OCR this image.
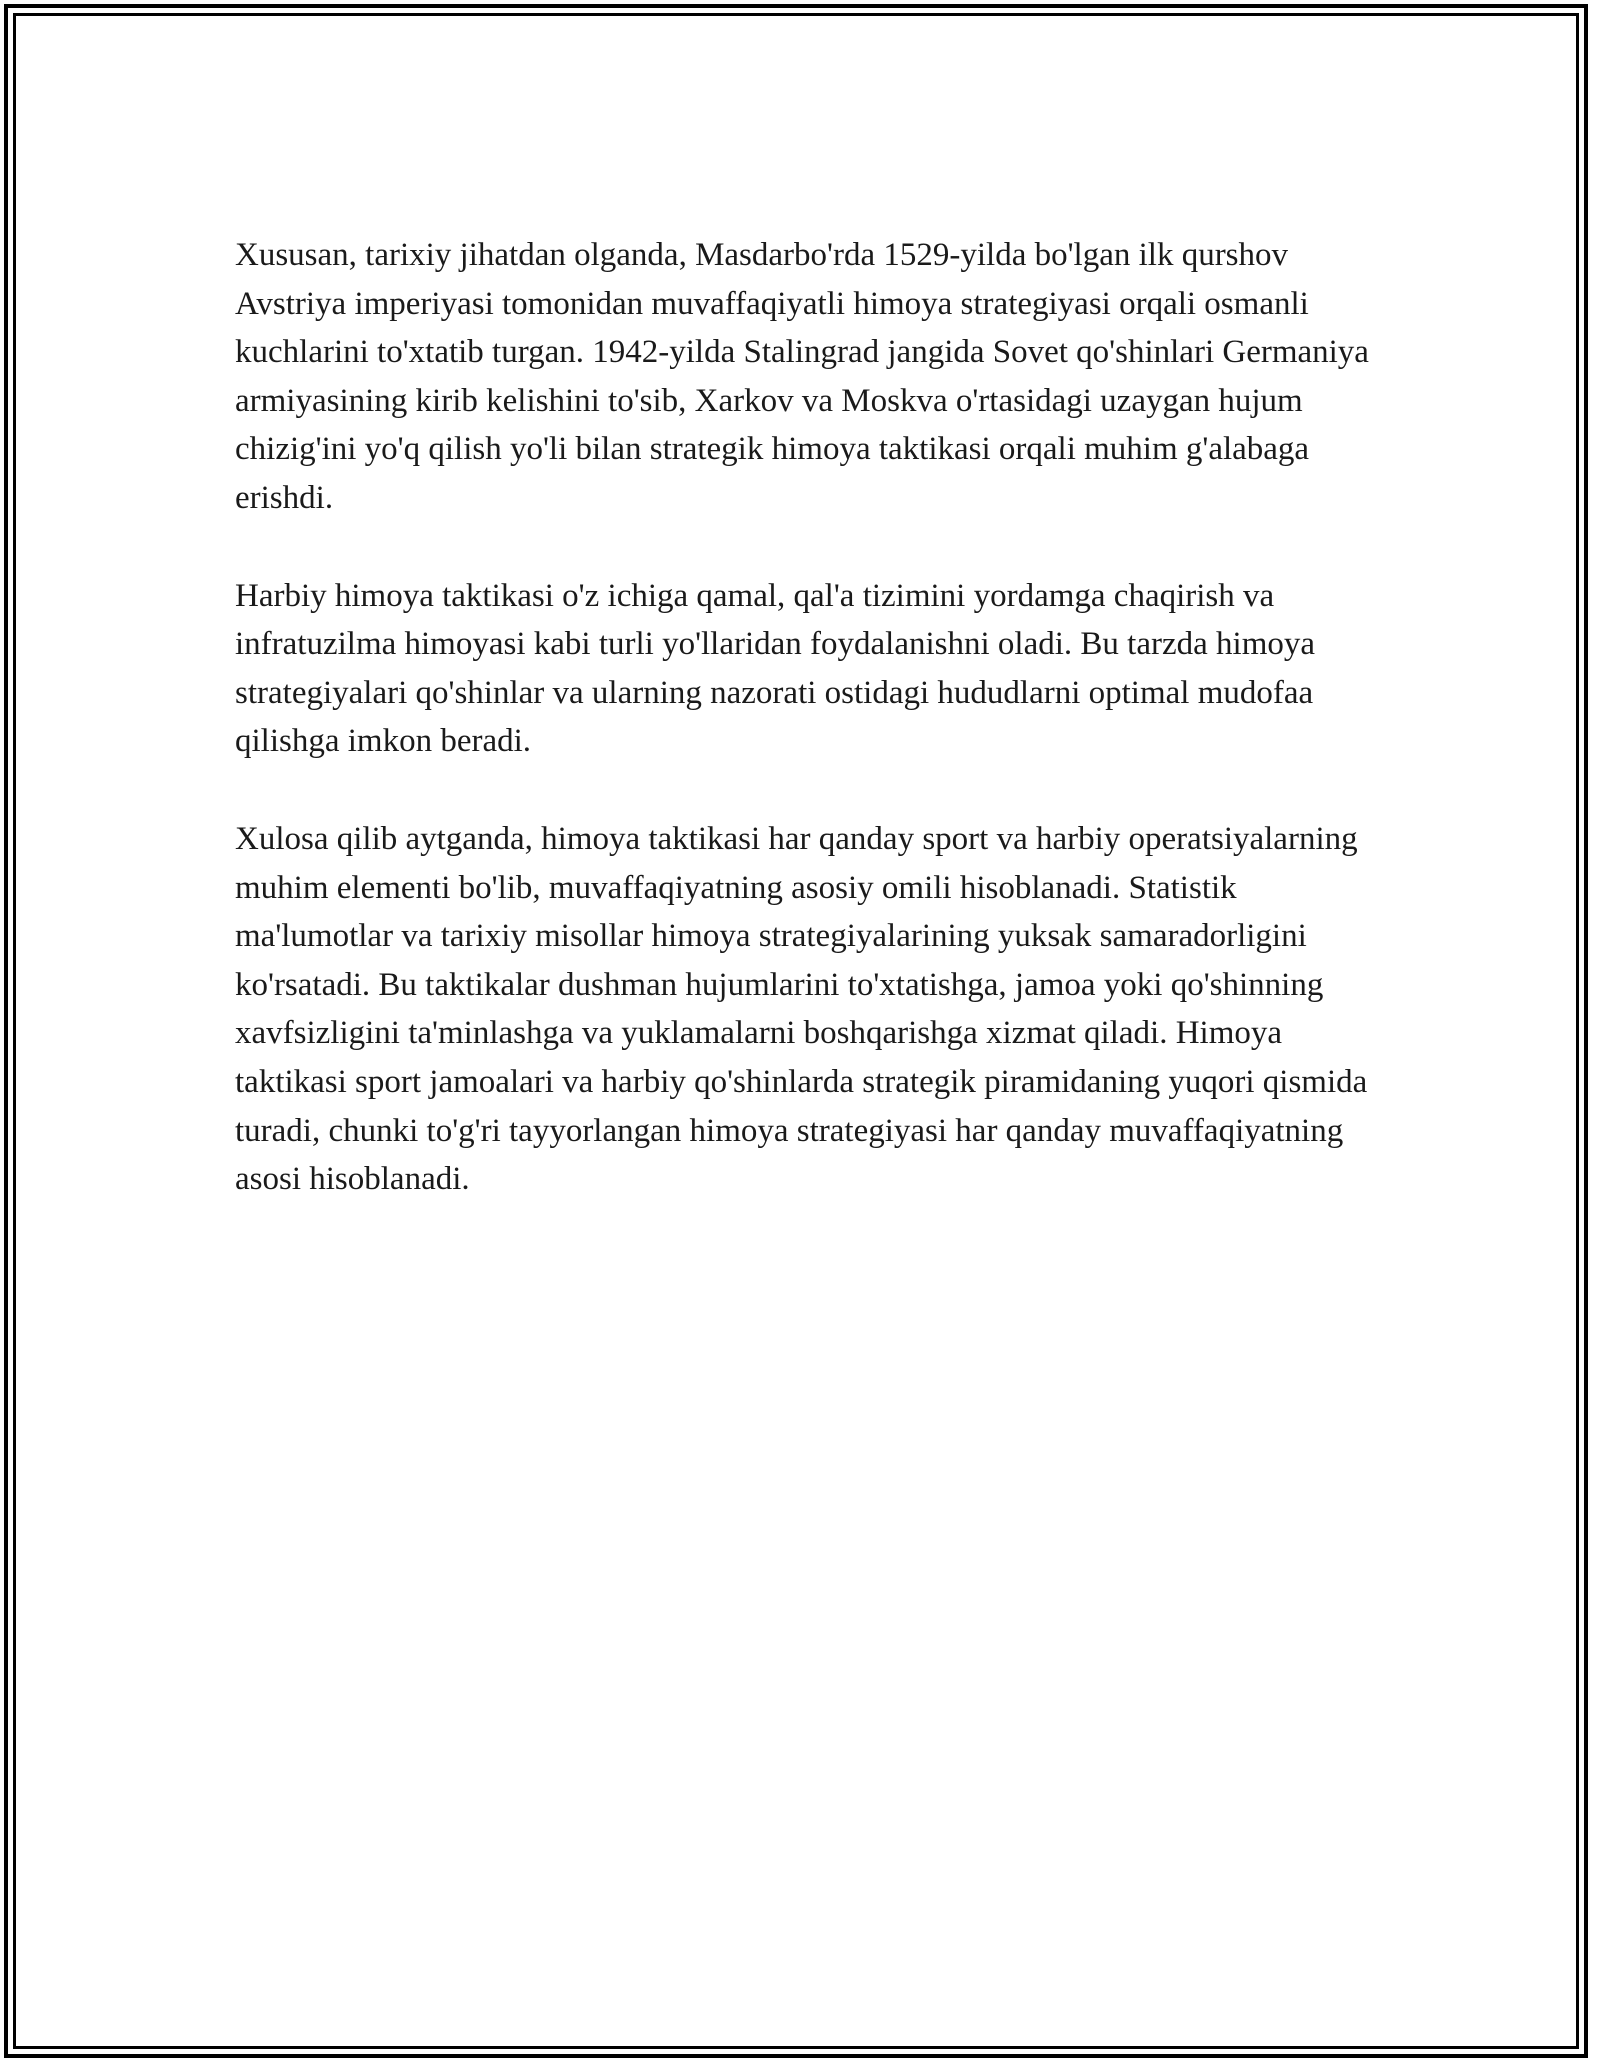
Xususan, tarixiy jihatdan olganda, Masdarbo'rda 1529-yilda bo'lgan ilk qurshov Avstriya imperiyasi tomonidan muvaffaqiyatli himoya strategiyasi orqali osmanli kuchlarini to'xtatib turgan. 1942-yilda Stalingrad jangida Sovet qo'shinlari Germaniya armiyasining kirib kelishini to'sib, Xarkov va Moskva o'rtasidagi uzaygan hujum chizig'ini yo'q qilish yo'li bilan strategik himoya taktikasi orqali muhim g'alabaga erishdi.

Harbiy himoya taktikasi o'z ichiga qamal, qal'a tizimini yordamga chaqirish va infratuzilma himoyasi kabi turli yo'llaridan foydalanishni oladi. Bu tarzda himoya strategiyalari qo'shinlar va ularning nazorati ostidagi hududlarni optimal mudofaa qilishga imkon beradi.

Xulosa qilib aytganda, himoya taktikasi har qanday sport va harbiy operatsiyalarning muhim elementi bo'lib, muvaffaqiyatning asosiy omili hisoblanadi. Statistik ma'lumotlar va tarixiy misollar himoya strategiyalarining yuksak samaradorligini ko'rsatadi. Bu taktikalar dushman hujumlarini to'xtatishga, jamoa yoki qo'shinning xavfsizligini ta'minlashga va yuklamalarni boshqarishga xizmat qiladi. Himoya taktikasi sport jamoalari va harbiy qo'shinlarda strategik piramidaning yuqori qismida turadi, chunki to'g'ri tayyorlangan himoya strategiyasi har qanday muvaffaqiyatning asosi hisoblanadi.
